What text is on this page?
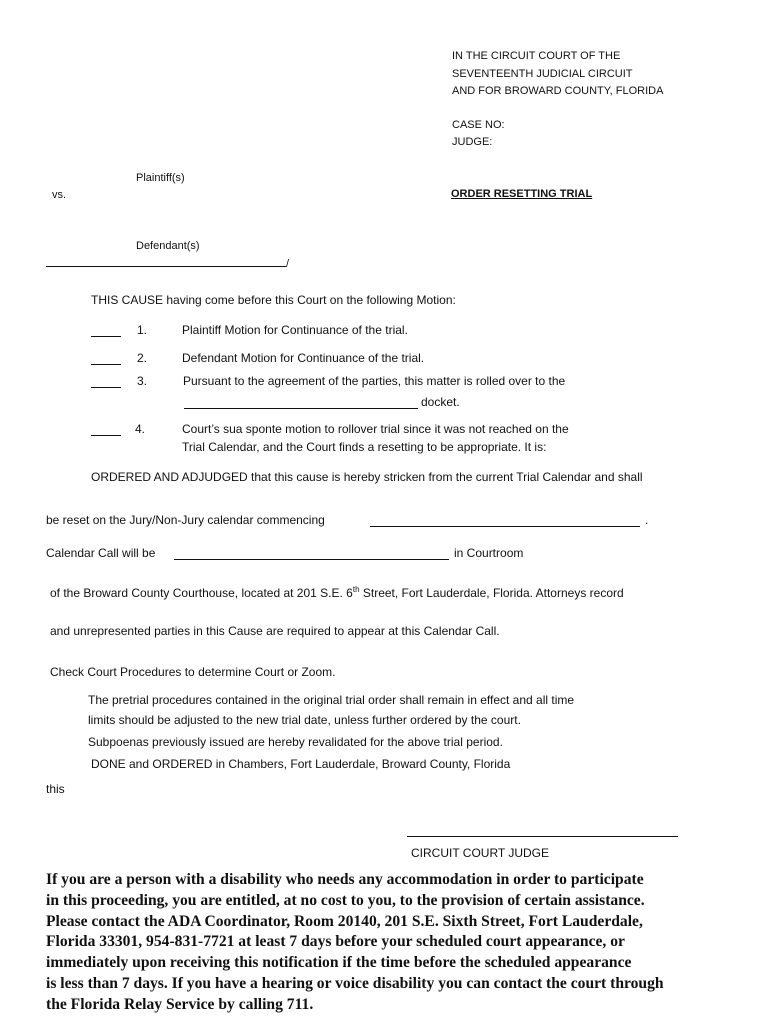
IN THE CIRCUIT COURT OF THE
SEVENTEENTH JUDICIAL CIRCUIT
AND FOR BROWARD COUNTY, FLORIDA
CASE NO:
JUDGE:
Plaintiff(s)
vs.	ORDER RESETTING TRIAL
Defendant(s)
/
THIS CAUSE having come before this Court on the following Motion:
1.	Plaintiff Motion for Continuance of the trial.
2.	Defendant Motion for Continuance of the trial.
3.	Pursuant to the agreement of the parties, this matter is rolled over to the
docket.
4.	Court’s sua sponte motion to rollover trial since it was not reached on the
Trial Calendar, and the Court finds a resetting to be appropriate. It is:
ORDERED AND ADJUDGED that this cause is hereby stricken from the current Trial Calendar and shall
be reset on the Jury/Non-Jury calendar commencing	.
Calendar Call will be	in Courtroom
of the Broward County Courthouse, located at 201 S.E. 6th Street, Fort Lauderdale, Florida. Attorneys record
and unrepresented parties in this Cause are required to appear at this Calendar Call.
Check Court Procedures to determine Court or Zoom.
The pretrial procedures contained in the original trial order shall remain in effect and all time
limits should be adjusted to the new trial date, unless further ordered by the court.
Subpoenas previously issued are hereby revalidated for the above trial period.
DONE and ORDERED in Chambers, Fort Lauderdale, Broward County, Florida
this
CIRCUIT COURT JUDGE
If you are a person with a disability who needs any accommodation in order to participate
in this proceeding, you are entitled, at no cost to you, to the provision of certain assistance.
Please contact the ADA Coordinator, Room 20140, 201 S.E. Sixth Street, Fort Lauderdale,
Florida 33301, 954-831-7721 at least 7 days before your scheduled court appearance, or
immediately upon receiving this notification if the time before the scheduled appearance
is less than 7 days. If you have a hearing or voice disability you can contact the court through
the Florida Relay Service by calling 711.
